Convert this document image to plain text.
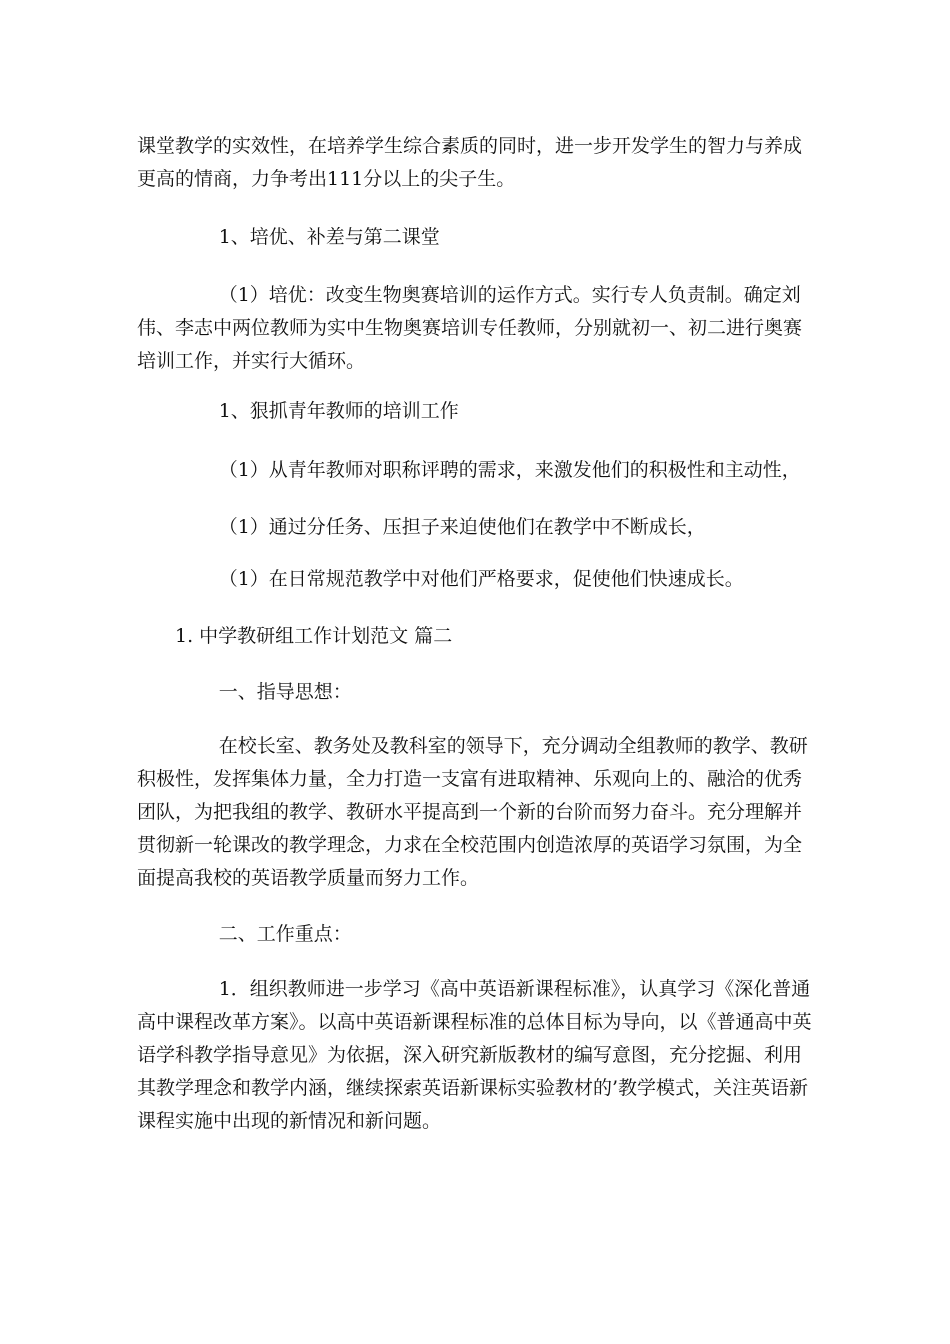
课堂教学的实效性，在培养学生综合素质的同时，进一步开发学生的智力与养成更高的情商，力争考出111分以上的尖子生。

1、培优、补差与第二课堂

（1）培优：改变生物奥赛培训的运作方式。实行专人负责制。确定刘伟、李志中两位教师为实中生物奥赛培训专任教师，分别就初一、初二进行奥赛培训工作，并实行大循环。

1、狠抓青年教师的培训工作

（1）从青年教师对职称评聘的需求，来激发他们的积极性和主动性，

（1）通过分任务、压担子来迫使他们在教学中不断成长，

（1）在日常规范教学中对他们严格要求，促使他们快速成长。

1. 中学教研组工作计划范文 篇二

一、指导思想：

在校长室、教务处及教科室的领导下，充分调动全组教师的教学、教研积极性，发挥集体力量，全力打造一支富有进取精神、乐观向上的、融洽的优秀团队，为把我组的教学、教研水平提高到一个新的台阶而努力奋斗。充分理解并贯彻新一轮课改的教学理念，力求在全校范围内创造浓厚的英语学习氛围，为全面提高我校的英语教学质量而努力工作。

二、工作重点：

1．组织教师进一步学习《高中英语新课程标准》，认真学习《深化普通高中课程改革方案》。以高中英语新课程标准的总体目标为导向，以《普通高中英语学科教学指导意见》为依据，深入研究新版教材的编写意图，充分挖掘、利用其教学理念和教学内涵，继续探索英语新课标实验教材的’教学模式，关注英语新课程实施中出现的新情况和新问题。
